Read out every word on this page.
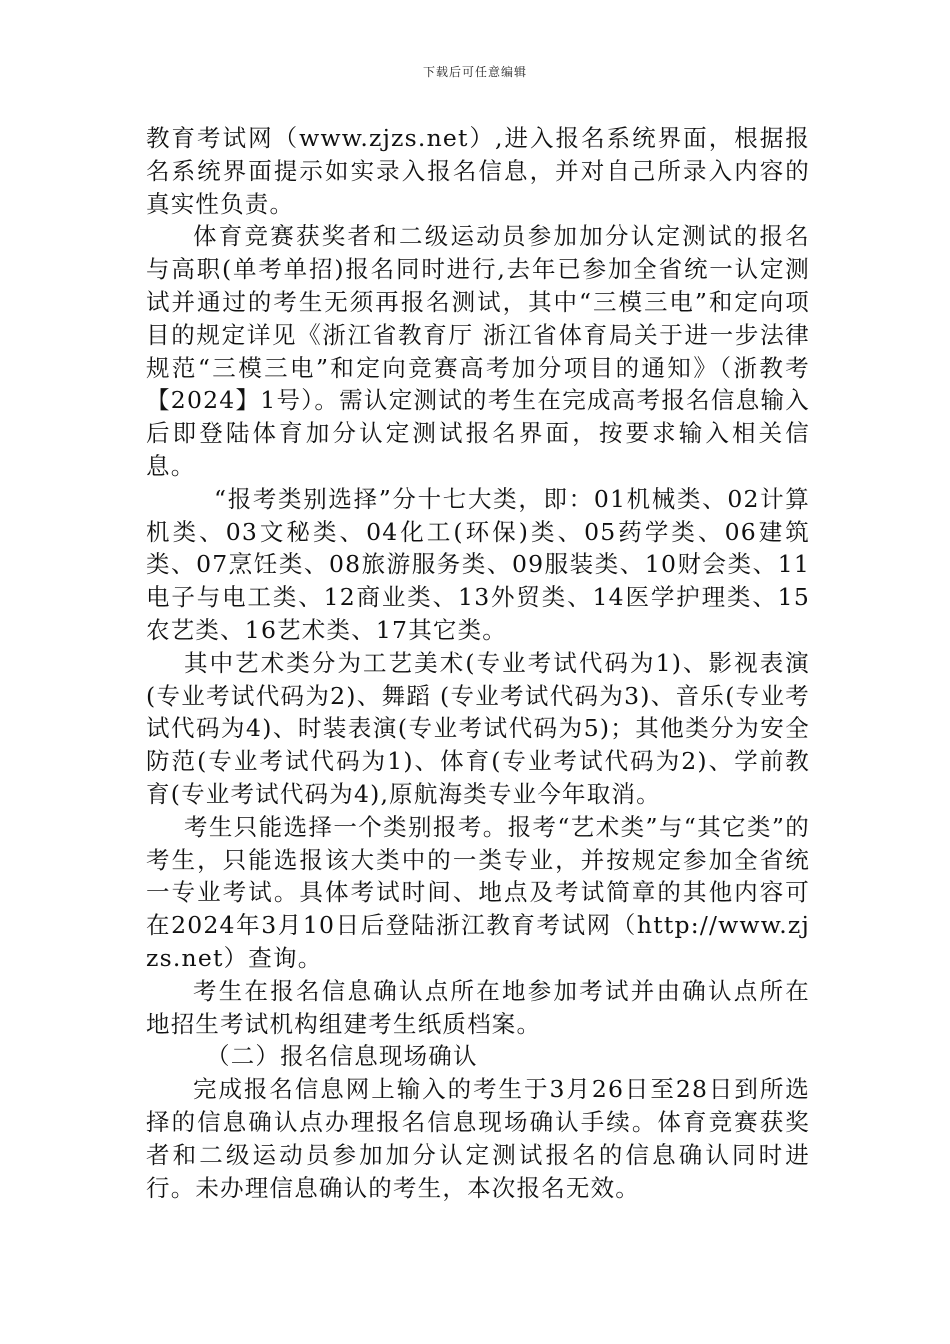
下载后可任意编辑

教育考试网（www.zjzs.net）,进入报名系统界面，根据报名系统界面提示如实录入报名信息，并对自己所录入内容的真实性负责。

体育竞赛获奖者和二级运动员参加加分认定测试的报名与高职(单考单招)报名同时进行,去年已参加全省统一认定测试并通过的考生无须再报名测试，其中“三模三电”和定向项目的规定详见《浙江省教育厅 浙江省体育局关于进一步法律规范“三模三电”和定向竞赛高考加分项目的通知》（浙教考【2024】1号）。需认定测试的考生在完成高考报名信息输入后即登陆体育加分认定测试报名界面，按要求输入相关信息。

“报考类别选择”分十七大类，即：01机械类、02计算机类、03文秘类、04化工(环保)类、05药学类、06建筑类、07烹饪类、08旅游服务类、09服装类、10财会类、11电子与电工类、12商业类、13外贸类、14医学护理类、15农艺类、16艺术类、17其它类。

其中艺术类分为工艺美术(专业考试代码为1)、影视表演 (专业考试代码为2)、舞蹈 (专业考试代码为3)、音乐(专业考试代码为4)、时装表演(专业考试代码为5)；其他类分为安全防范(专业考试代码为1)、体育(专业考试代码为2)、学前教育(专业考试代码为4),原航海类专业今年取消。

考生只能选择一个类别报考。报考“艺术类”与“其它类”的考生，只能选报该大类中的一类专业，并按规定参加全省统一专业考试。具体考试时间、地点及考试简章的其他内容可在2024年3月10日后登陆浙江教育考试网（http://www.zjzs.net）查询。

考生在报名信息确认点所在地参加考试并由确认点所在地招生考试机构组建考生纸质档案。

（二）报名信息现场确认

完成报名信息网上输入的考生于3月26日至28日到所选择的信息确认点办理报名信息现场确认手续。体育竞赛获奖者和二级运动员参加加分认定测试报名的信息确认同时进行。未办理信息确认的考生，本次报名无效。
